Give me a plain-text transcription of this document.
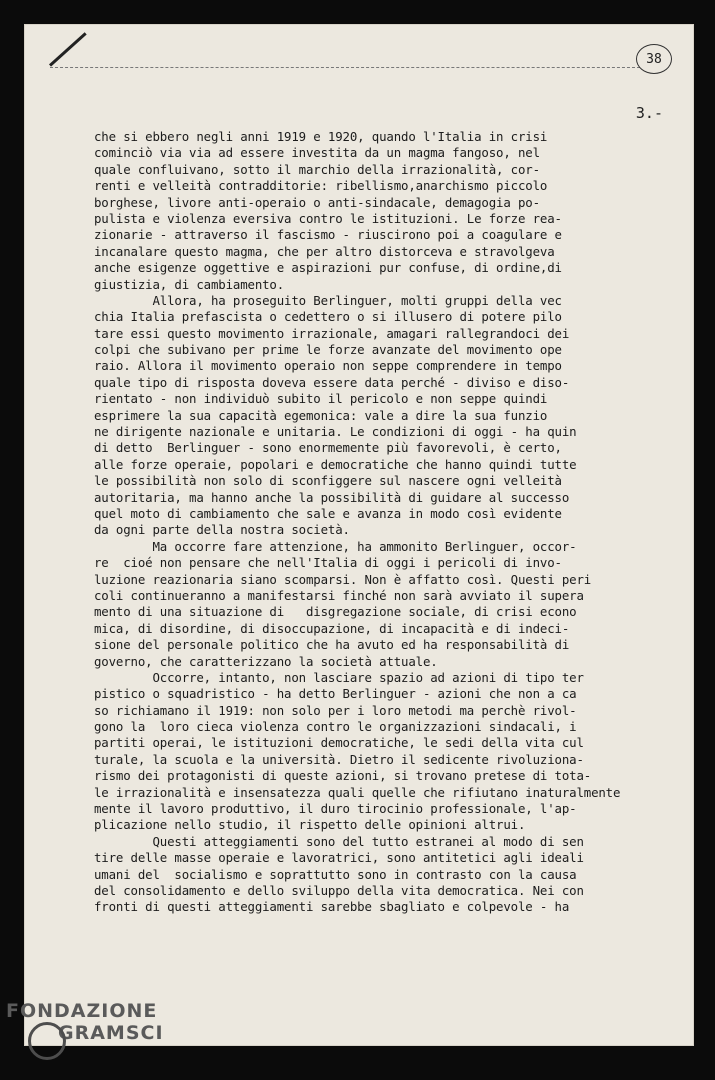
38
3.-
che si ebbero negli anni 1919 e 1920, quando l'Italia in crisi
cominciò via via ad essere investita da un magma fangoso, nel
quale confluivano, sotto il marchio della irrazionalità, cor-
renti e velleità contradditorie: ribellismo,anarchismo piccolo
borghese, livore anti-operaio o anti-sindacale, demagogia po-
pulista e violenza eversiva contro le istituzioni. Le forze rea-
zionarie - attraverso il fascismo - riuscirono poi a coagulare e
incanalare questo magma, che per altro distorceva e stravolgeva
anche esigenze oggettive e aspirazioni pur confuse, di ordine,di
giustizia, di cambiamento.
Allora, ha proseguito Berlinguer, molti gruppi della vec
chia Italia prefascista o cedettero o si illusero di potere pilo
tare essi questo movimento irrazionale, amagari rallegrandoci dei
colpi che subivano per prime le forze avanzate del movimento ope
raio. Allora il movimento operaio non seppe comprendere in tempo
quale tipo di risposta doveva essere data perché - diviso e diso-
rientato - non individuò subito il pericolo e non seppe quindi
esprimere la sua capacità egemonica: vale a dire la sua funzio
ne dirigente nazionale e unitaria. Le condizioni di oggi - ha quin
di detto  Berlinguer - sono enormemente più favorevoli, è certo,
alle forze operaie, popolari e democratiche che hanno quindi tutte
le possibilità non solo di sconfiggere sul nascere ogni velleità
autoritaria, ma hanno anche la possibilità di guidare al successo
quel moto di cambiamento che sale e avanza in modo così evidente
da ogni parte della nostra società.
Ma occorre fare attenzione, ha ammonito Berlinguer, occor-
re  cioé non pensare che nell'Italia di oggi i pericoli di invo-
luzione reazionaria siano scomparsi. Non è affatto così. Questi peri
coli continueranno a manifestarsi finché non sarà avviato il supera
mento di una situazione di   disgregazione sociale, di crisi econo
mica, di disordine, di disoccupazione, di incapacità e di indeci-
sione del personale politico che ha avuto ed ha responsabilità di
governo, che caratterizzano la società attuale.
Occorre, intanto, non lasciare spazio ad azioni di tipo ter
pistico o squadristico - ha detto Berlinguer - azioni che non a ca
so richiamano il 1919: non solo per i loro metodi ma perchè rivol-
gono la  loro cieca violenza contro le organizzazioni sindacali, i
partiti operai, le istituzioni democratiche, le sedi della vita cul
turale, la scuola e la università. Dietro il sedicente rivoluziona-
rismo dei protagonisti di queste azioni, si trovano pretese di tota-
le irrazionalità e insensatezza quali quelle che rifiutano inaturalmente
mente il lavoro produttivo, il duro tirocinio professionale, l'ap-
plicazione nello studio, il rispetto delle opinioni altrui.
Questi atteggiamenti sono del tutto estranei al modo di sen
tire delle masse operaie e lavoratrici, sono antitetici agli ideali
umani del  socialismo e soprattutto sono in contrasto con la causa
del consolidamento e dello sviluppo della vita democratica. Nei con
fronti di questi atteggiamenti sarebbe sbagliato e colpevole - ha
FONDAZIONE
GRAMSCI
